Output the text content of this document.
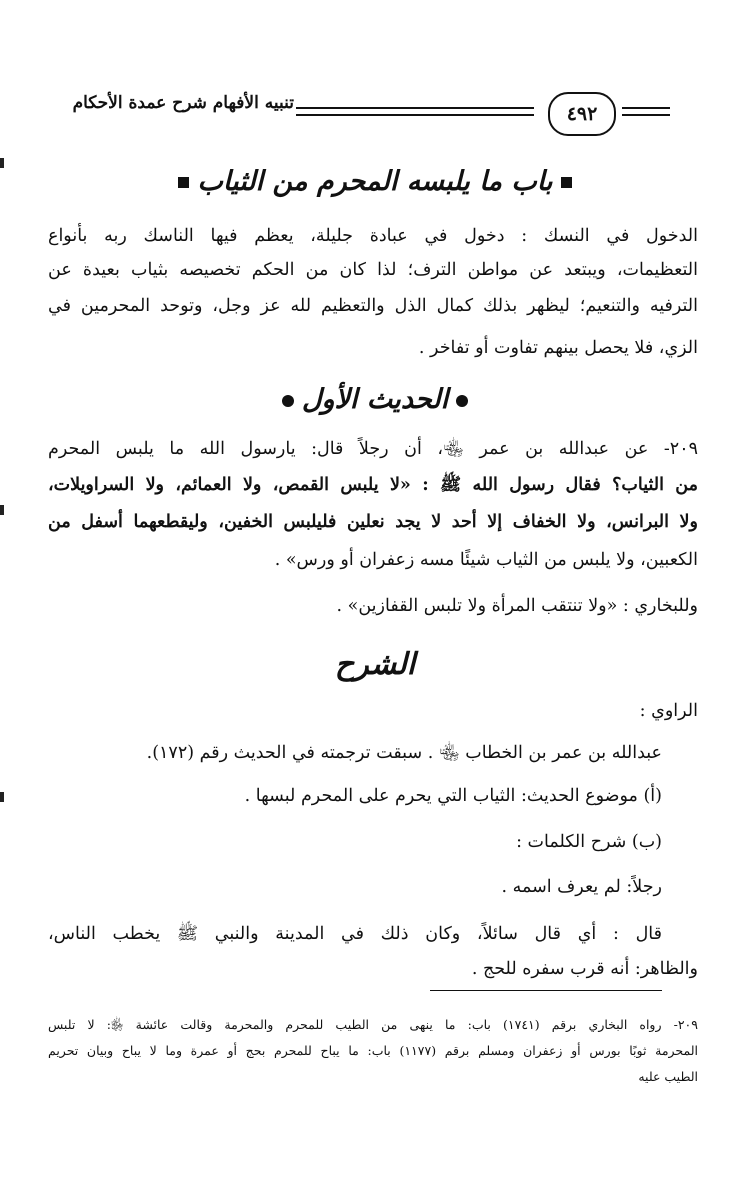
تنبيه الأفهام شرح عمدة الأحكام	٤٩٢
باب ما يلبسه المحرم من الثياب
الدخول في النسك : دخول في عبادة جليلة، يعظم فيها الناسك ربه بأنواع
التعظيمات، ويبتعد عن مواطن الترف؛ لذا كان من الحكم تخصيصه بثياب بعيدة عن
الترفيه والتنعيم؛ ليظهر بذلك كمال الذل والتعظيم لله عز وجل، وتوحد المحرمين في
الزي، فلا يحصل بينهم تفاوت أو تفاخر .
الحديث الأول
٢٠٩- عن عبدالله بن عمر ﵄، أن رجلاً قال: يارسول الله ما يلبس المحرم
من الثياب؟ فقال رسول الله ﷺ : «لا يلبس القمص، ولا العمائم، ولا السراويلات،
ولا البرانس، ولا الخفاف إلا أحد لا يجد نعلين فليلبس الخفين، وليقطعهما أسفل من
الكعبين، ولا يلبس من الثياب شيئًا مسه زعفران أو ورس» .
وللبخاري : «ولا تنتقب المرأة ولا تلبس القفازين» .
الشرح
الراوي :
عبدالله بن عمر بن الخطاب ﵄ . سبقت ترجمته في الحديث رقم (١٧٢).
(أ) موضوع الحديث: الثياب التي يحرم على المحرم لبسها .
(ب) شرح الكلمات :
رجلاً: لم يعرف اسمه .
قال : أي قال سائلاً، وكان ذلك في المدينة والنبي ﷺ يخطب الناس،
والظاهر: أنه قرب سفره للحج .
٢٠٩- رواه البخاري برقم (١٧٤١) باب: ما ينهى من الطيب للمحرم والمحرمة وقالت عائشة ﵂: لا تلبس
المحرمة ثوبًا بورس أو زعفران ومسلم برقم (١١٧٧) باب: ما يباح للمحرم بحج أو عمرة وما لا يباح وبيان تحريم
الطيب عليه
